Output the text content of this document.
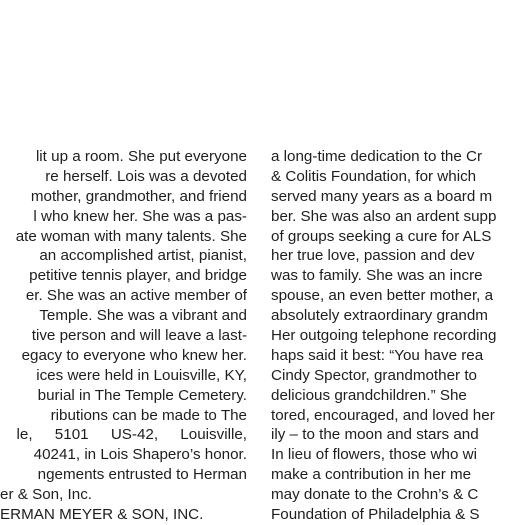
lit up a room. She put everyone
re herself. Lois was a devoted
mother, grandmother, and friend
l who knew her. She was a pas-
ate woman with many talents. She
an accomplished artist, pianist,
petitive tennis player, and bridge
er. She was an active member of
Temple. She was a vibrant and
tive person and will leave a last-
egacy to everyone who knew her.
ices were held in Louisville, KY,
burial in The Temple Cemetery.
ributions can be made to The
le, 5101 US-42, Louisville,
40241, in Lois Shapero’s honor.
ngements entrusted to Herman
er & Son, Inc.
ERMAN MEYER & SON, INC.
a long-time dedication to the Cr
& Colitis Foundation, for which
served many years as a board m
ber. She was also an ardent supp
of groups seeking a cure for ALS
her true love, passion and dev
was to family. She was an incre
spouse, an even better mother, a
absolutely extraordinary grandm
Her outgoing telephone recording
haps said it best: “You have rea
Cindy Spector, grandmother to
delicious grandchildren.” She
tored, encouraged, and loved her
ily – to the moon and stars and
In lieu of flowers, those who wi
make a contribution in her me
may donate to the Crohn’s & C
Foundation of Philadelphia & S
